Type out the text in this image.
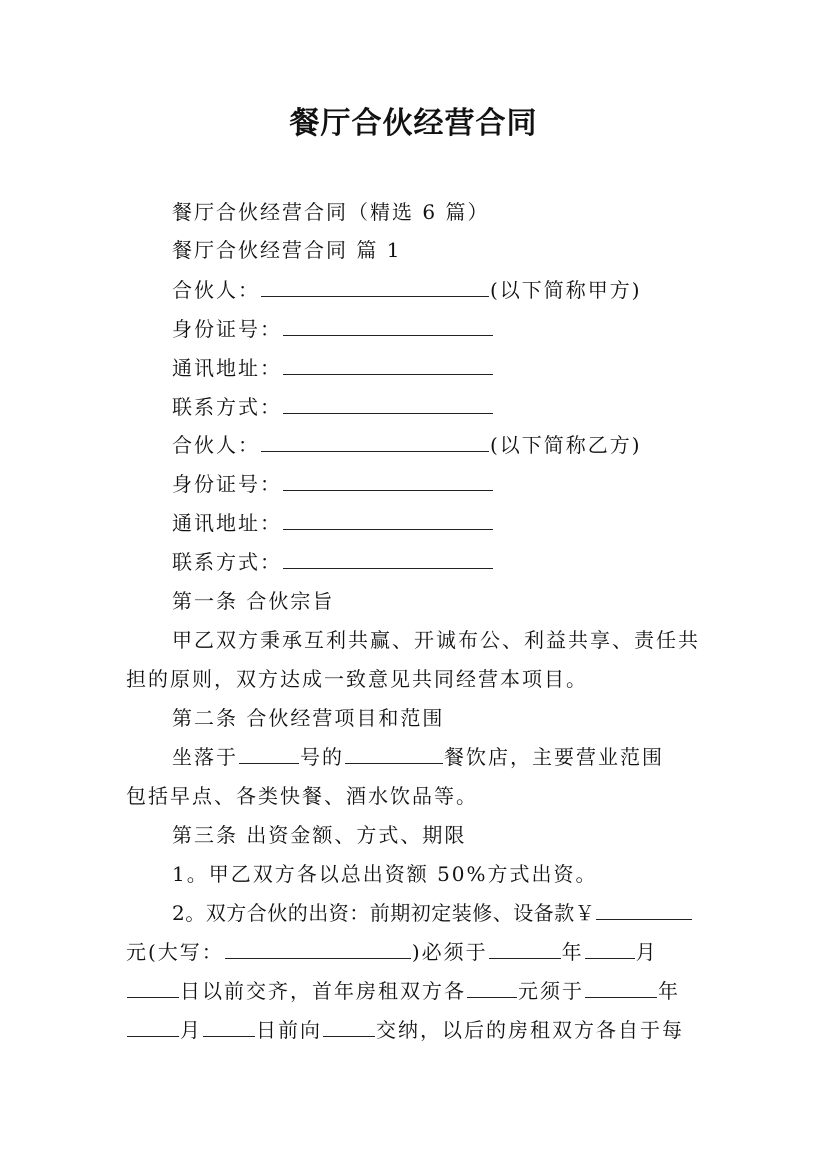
餐厅合伙经营合同
餐厅合伙经营合同（精选 6 篇）
餐厅合伙经营合同 篇 1
合伙人：	(以下简称甲方)
身份证号：
通讯地址：
联系方式：
合伙人：	(以下简称乙方)
身份证号：
通讯地址：
联系方式：
第一条 合伙宗旨
甲乙双方秉承互利共赢、开诚布公、利益共享、责任共
担的原则，双方达成一致意见共同经营本项目。
第二条 合伙经营项目和范围
坐落于	号的	餐饮店，主要营业范围
包括早点、各类快餐、酒水饮品等。
第三条 出资金额、方式、期限
1。甲乙双方各以总出资额 50%方式出资。
2。双方合伙的出资：前期初定装修、设备款￥
元(大写：	)必须于	年	月
日以前交齐，首年房租双方各	元须于	年
月	日前向	交纳，以后的房租双方各自于每
